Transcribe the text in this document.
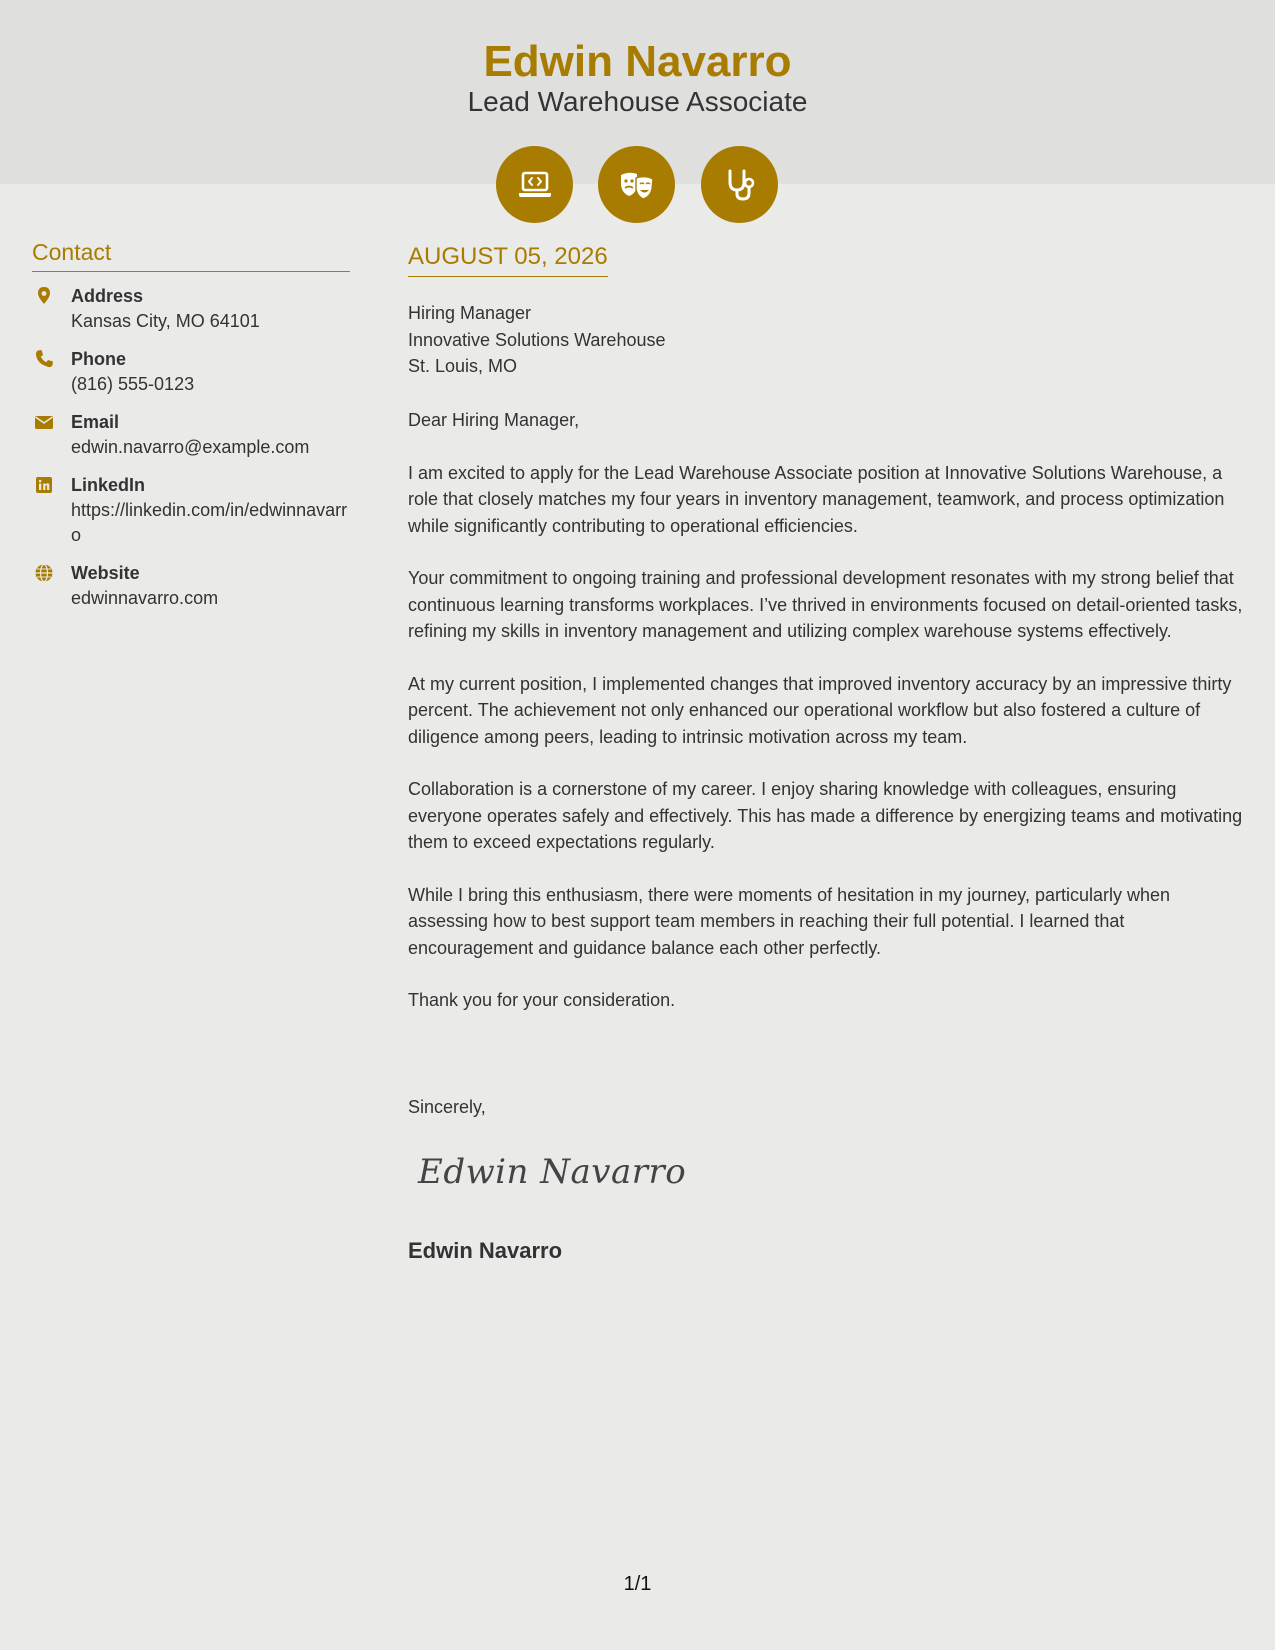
Edwin Navarro
Lead Warehouse Associate
Contact
Address
Kansas City, MO 64101
Phone
(816) 555-0123
Email
edwin.navarro@example.com
LinkedIn
https://linkedin.com/in/edwinnavarro
Website
edwinnavarro.com
AUGUST 05, 2026
Hiring Manager
Innovative Solutions Warehouse
St. Louis, MO

Dear Hiring Manager,

I am excited to apply for the Lead Warehouse Associate position at Innovative Solutions Warehouse, a role that closely matches my four years in inventory management, teamwork, and process optimization while significantly contributing to operational efficiencies.

Your commitment to ongoing training and professional development resonates with my strong belief that continuous learning transforms workplaces. I’ve thrived in environments focused on detail-oriented tasks, refining my skills in inventory management and utilizing complex warehouse systems effectively.

At my current position, I implemented changes that improved inventory accuracy by an impressive thirty percent. The achievement not only enhanced our operational workflow but also fostered a culture of diligence among peers, leading to intrinsic motivation across my team.

Collaboration is a cornerstone of my career. I enjoy sharing knowledge with colleagues, ensuring everyone operates safely and effectively. This has made a difference by energizing teams and motivating them to exceed expectations regularly.

While I bring this enthusiasm, there were moments of hesitation in my journey, particularly when assessing how to best support team members in reaching their full potential. I learned that encouragement and guidance balance each other perfectly.

Thank you for your consideration.

Sincerely,
Edwin Navarro
Edwin Navarro
1/1
